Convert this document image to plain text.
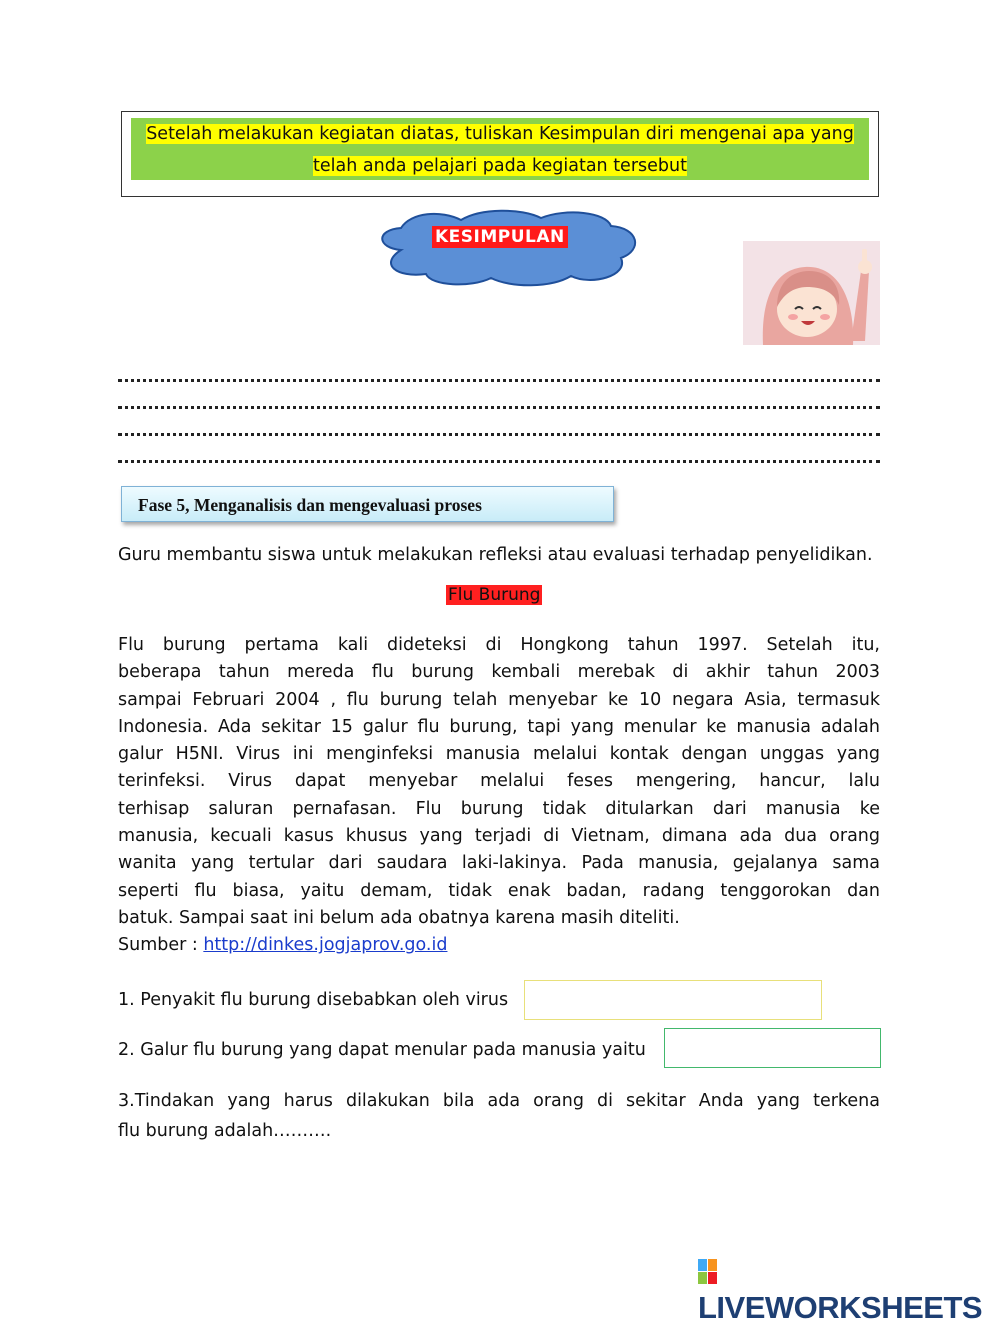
Setelah melakukan kegiatan diatas, tuliskan Kesimpulan diri mengenai apa yang
telah anda pelajari pada kegiatan tersebut
KESIMPULAN
Fase 5, Menganalisis dan mengevaluasi proses
Guru membantu siswa untuk melakukan refleksi atau evaluasi terhadap penyelidikan.
Flu Burung
Flu burung pertama kali dideteksi di Hongkong tahun 1997. Setelah itu,
beberapa tahun mereda flu burung kembali merebak di akhir tahun 2003
sampai Februari 2004 , flu burung telah menyebar ke 10 negara Asia, termasuk
Indonesia. Ada sekitar 15 galur flu burung, tapi yang menular ke manusia adalah
galur H5NI. Virus ini menginfeksi manusia melalui kontak dengan unggas yang
terinfeksi. Virus dapat menyebar melalui feses mengering, hancur, lalu
terhisap saluran pernafasan. Flu burung tidak ditularkan dari manusia ke
manusia, kecuali kasus khusus yang terjadi di Vietnam, dimana ada dua orang
wanita yang tertular dari saudara laki-lakinya. Pada manusia, gejalanya sama
seperti flu biasa, yaitu demam, tidak enak badan, radang tenggorokan dan
batuk. Sampai saat ini belum ada obatnya karena masih diteliti.
Sumber : http://dinkes.jogjaprov.go.id
1. Penyakit flu burung disebabkan oleh virus
2. Galur flu burung yang dapat menular pada manusia yaitu
3.Tindakan yang harus dilakukan bila ada orang di sekitar Anda yang terkena
flu burung adalah……….
LIVEWORKSHEETS
